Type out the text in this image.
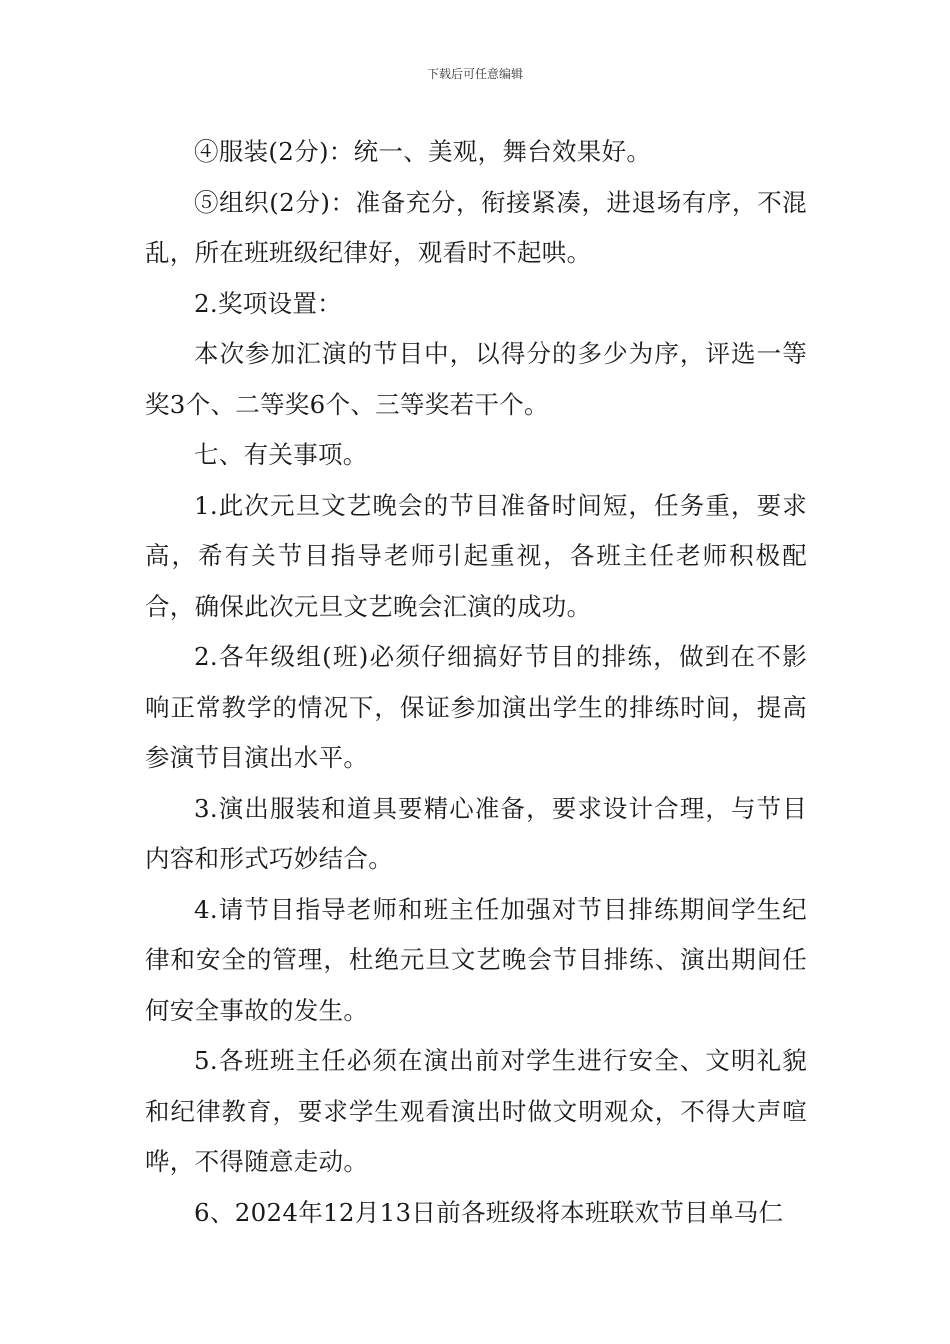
下载后可任意编辑

④服装(2分)：统一、美观，舞台效果好。

⑤组织(2分)：准备充分，衔接紧凑，进退场有序，不混乱，所在班班级纪律好，观看时不起哄。

2.奖项设置：

本次参加汇演的节目中，以得分的多少为序，评选一等奖3个、二等奖6个、三等奖若干个。

七、有关事项。

1.此次元旦文艺晚会的节目准备时间短，任务重，要求高，希有关节目指导老师引起重视，各班主任老师积极配合，确保此次元旦文艺晚会汇演的成功。

2.各年级组(班)必须仔细搞好节目的排练，做到在不影响正常教学的情况下，保证参加演出学生的排练时间，提高参演节目演出水平。

3.演出服装和道具要精心准备，要求设计合理，与节目内容和形式巧妙结合。

4.请节目指导老师和班主任加强对节目排练期间学生纪律和安全的管理，杜绝元旦文艺晚会节目排练、演出期间任何安全事故的发生。

5.各班班主任必须在演出前对学生进行安全、文明礼貌和纪律教育，要求学生观看演出时做文明观众，不得大声喧哗，不得随意走动。

6、2024年12月13日前各班级将本班联欢节目单马仁
